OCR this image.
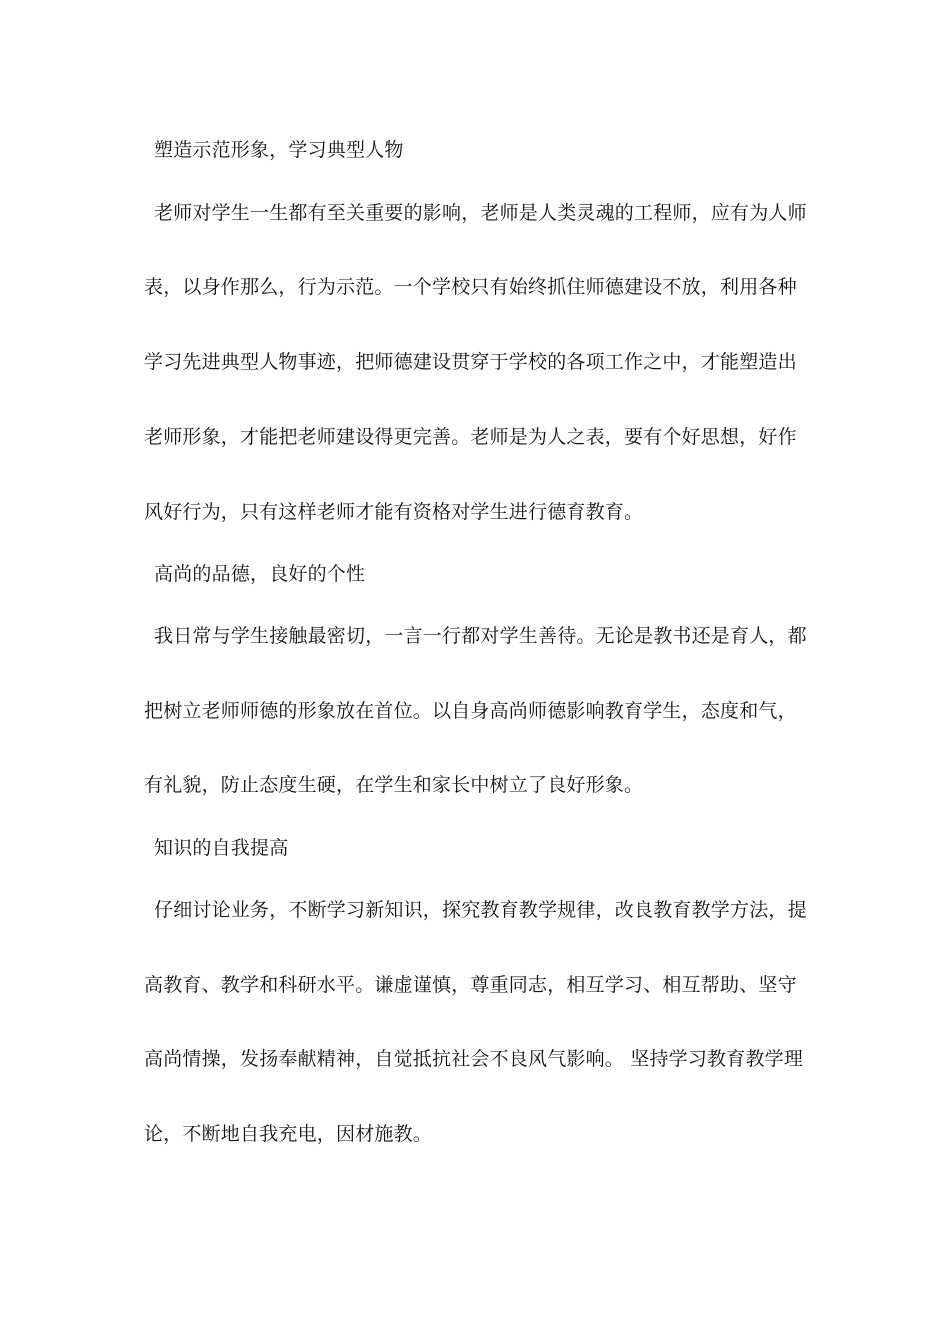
塑造示范形象，学习典型人物
老师对学生一生都有至关重要的影响，老师是人类灵魂的工程师，应有为人师
表，以身作那么，行为示范。一个学校只有始终抓住师德建设不放，利用各种
学习先进典型人物事迹，把师德建设贯穿于学校的各项工作之中，才能塑造出
老师形象，才能把老师建设得更完善。老师是为人之表，要有个好思想，好作
风好行为，只有这样老师才能有资格对学生进行德育教育。
高尚的品德，良好的个性
我日常与学生接触最密切，一言一行都对学生善待。无论是教书还是育人，都
把树立老师师德的形象放在首位。以自身高尚师德影响教育学生，态度和气，
有礼貌，防止态度生硬，在学生和家长中树立了良好形象。
知识的自我提高
仔细讨论业务，不断学习新知识，探究教育教学规律，改良教育教学方法，提
高教育、教学和科研水平。谦虚谨慎，尊重同志，相互学习、相互帮助、坚守
高尚情操，发扬奉献精神，自觉抵抗社会不良风气影响。 坚持学习教育教学理
论，不断地自我充电，因材施教。
